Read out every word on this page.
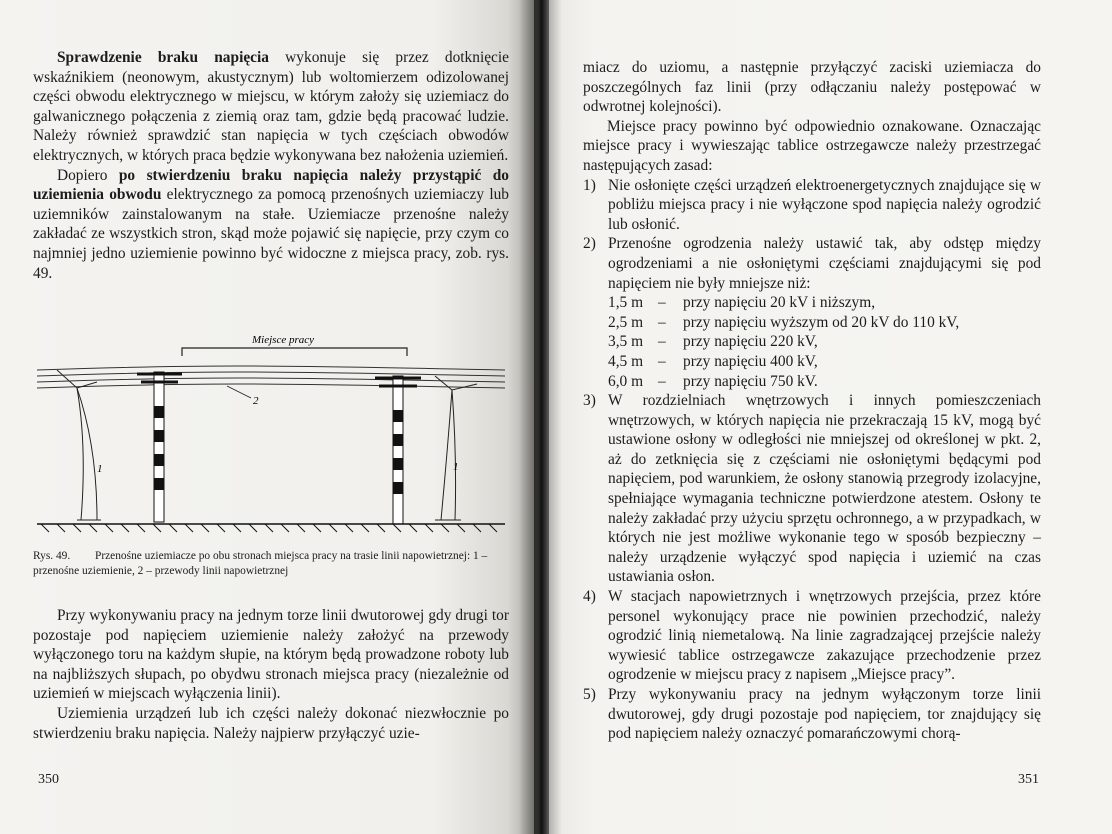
Sprawdzenie braku napięcia wykonuje się przez dotknięcie wskaźnikiem (neonowym, akustycznym) lub woltomierzem odizolowanej części obwodu elektrycznego w miejscu, w którym założy się uziemiacz do galwanicznego połączenia z ziemią oraz tam, gdzie będą pracować ludzie. Należy również sprawdzić stan napięcia w tych częściach obwodów elektrycznych, w których praca będzie wykonywana bez nałożenia uziemień.

Dopiero po stwierdzeniu braku napięcia należy przystąpić do uziemienia obwodu elektrycznego za pomocą przenośnych uziemiaczy lub uziemników zainstalowanym na stałe. Uziemiacze przenośne należy zakładać ze wszystkich stron, skąd może pojawić się napięcie, przy czym co najmniej jedno uziemienie powinno być widoczne z miejsca pracy, zob. rys. 49.

Miejsce pracy
2
1	1
Rys. 49. Przenośne uziemiacze po obu stronach miejsca pracy na trasie linii napowietrznej: 1 – przenośne uziemienie, 2 – przewody linii napowietrznej

Przy wykonywaniu pracy na jednym torze linii dwutorowej gdy drugi tor pozostaje pod napięciem uziemienie należy założyć na przewody wyłączonego toru na każdym słupie, na którym będą prowadzone roboty lub na najbliższych słupach, po obydwu stronach miejsca pracy (niezależnie od uziemień w miejscach wyłączenia linii).

Uziemienia urządzeń lub ich części należy dokonać niezwłocznie po stwierdzeniu braku napięcia. Należy najpierw przyłączyć uzie-

350

miacz do uziomu, a następnie przyłączyć zaciski uziemiacza do poszczególnych faz linii (przy odłączaniu należy postępować w odwrotnej kolejności).

Miejsce pracy powinno być odpowiednio oznakowane. Oznaczając miejsce pracy i wywieszając tablice ostrzegawcze należy przestrzegać następujących zasad:

1) Nie osłonięte części urządzeń elektroenergetycznych znajdujące się w pobliżu miejsca pracy i nie wyłączone spod napięcia należy ogrodzić lub osłonić.
2) Przenośne ogrodzenia należy ustawić tak, aby odstęp między ogrodzeniami a nie osłoniętymi częściami znajdującymi się pod napięciem nie były mniejsze niż:
1,5 m	–	przy napięciu 20 kV i niższym,
2,5 m	–	przy napięciu wyższym od 20 kV do 110 kV,
3,5 m	–	przy napięciu 220 kV,
4,5 m	–	przy napięciu 400 kV,
6,0 m	–	przy napięciu 750 kV.
3) W rozdzielniach wnętrzowych i innych pomieszczeniach wnętrzowych, w których napięcia nie przekraczają 15 kV, mogą być ustawione osłony w odległości nie mniejszej od określonej w pkt. 2, aż do zetknięcia się z częściami nie osłoniętymi będącymi pod napięciem, pod warunkiem, że osłony stanowią przegrody izolacyjne, spełniające wymagania techniczne potwierdzone atestem. Osłony te należy zakładać przy użyciu sprzętu ochronnego, a w przypadkach, w których nie jest możliwe wykonanie tego w sposób bezpieczny – należy urządzenie wyłączyć spod napięcia i uziemić na czas ustawiania osłon.
4) W stacjach napowietrznych i wnętrzowych przejścia, przez które personel wykonujący prace nie powinien przechodzić, należy ogrodzić linią niemetalową. Na linie zagradzającej przejście należy wywiesić tablice ostrzegawcze zakazujące przechodzenie przez ogrodzenie w miejscu pracy z napisem „Miejsce pracy”.
5) Przy wykonywaniu pracy na jednym wyłączonym torze linii dwutorowej, gdy drugi pozostaje pod napięciem, tor znajdujący się pod napięciem należy oznaczyć pomarańczowymi chorą-
351
